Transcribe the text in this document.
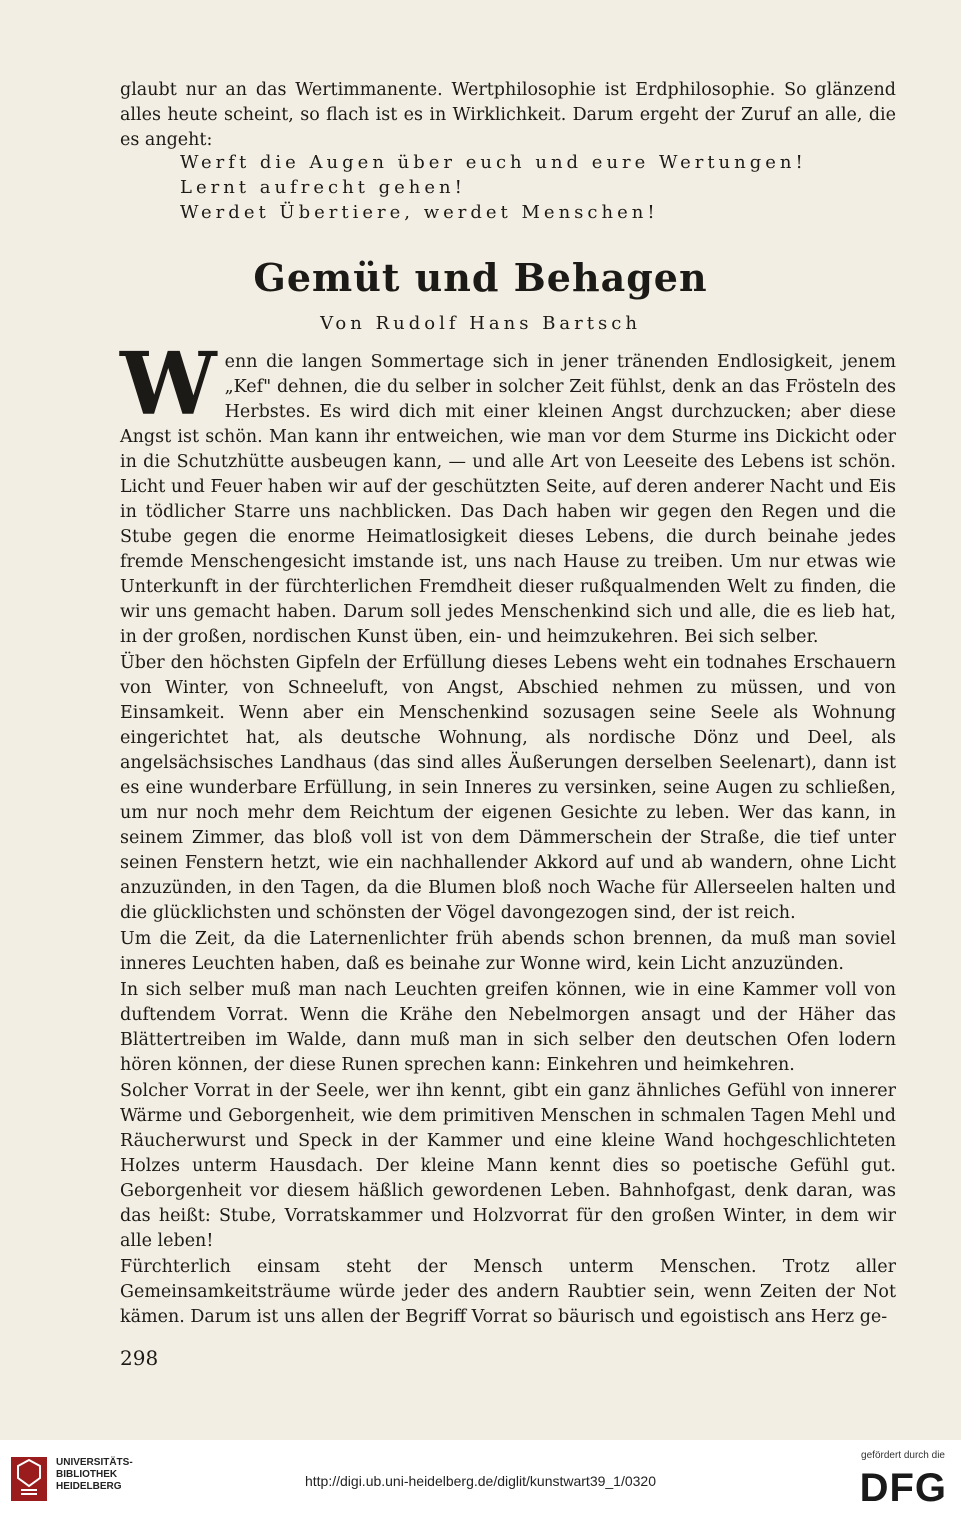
glaubt nur an das Wertimmanente. Wertphilosophie ist Erdphilosophie. So glänzend alles heute scheint, so flach ist es in Wirklichkeit. Darum ergeht der Zuruf an alle, die es angeht:

Werft die Augen über euch und eure Wertungen!
Lernt aufrecht gehen!
Werdet Übertiere, werdet Menschen!
Gemüt und Behagen
Von Rudolf Hans Bartsch

Wenn die langen Sommertage sich in jener tränenden Endlosigkeit, jenem „Kef" dehnen, die du selber in solcher Zeit fühlst, denk an das Frösteln des Herbstes. Es wird dich mit einer kleinen Angst durchzucken; aber diese Angst ist schön. Man kann ihr entweichen, wie man vor dem Sturme ins Dickicht oder in die Schutzhütte ausbeugen kann, — und alle Art von Leeseite des Lebens ist schön. Licht und Feuer haben wir auf der geschützten Seite, auf deren anderer Nacht und Eis in tödlicher Starre uns nachblicken. Das Dach haben wir gegen den Regen und die Stube gegen die enorme Heimatlosigkeit dieses Lebens, die durch beinahe jedes fremde Menschengesicht imstande ist, uns nach Hause zu treiben. Um nur etwas wie Unterkunft in der fürchterlichen Fremdheit dieser rußqualmenden Welt zu finden, die wir uns gemacht haben. Darum soll jedes Menschenkind sich und alle, die es lieb hat, in der großen, nordischen Kunst üben, ein- und heimzukehren. Bei sich selber.

Über den höchsten Gipfeln der Erfüllung dieses Lebens weht ein todnahes Erschauern von Winter, von Schneeluft, von Angst, Abschied nehmen zu müssen, und von Einsamkeit. Wenn aber ein Menschenkind sozusagen seine Seele als Wohnung eingerichtet hat, als deutsche Wohnung, als nordische Dönz und Deel, als angelsächsisches Landhaus (das sind alles Äußerungen derselben Seelenart), dann ist es eine wunderbare Erfüllung, in sein Inneres zu versinken, seine Augen zu schließen, um nur noch mehr dem Reichtum der eigenen Gesichte zu leben. Wer das kann, in seinem Zimmer, das bloß voll ist von dem Dämmerschein der Straße, die tief unter seinen Fenstern hetzt, wie ein nachhallender Akkord auf und ab wandern, ohne Licht anzuzünden, in den Tagen, da die Blumen bloß noch Wache für Allerseelen halten und die glücklichsten und schönsten der Vögel davongezogen sind, der ist reich.

Um die Zeit, da die Laternenlichter früh abends schon brennen, da muß man soviel inneres Leuchten haben, daß es beinahe zur Wonne wird, kein Licht anzuzünden.

In sich selber muß man nach Leuchten greifen können, wie in eine Kammer voll von duftendem Vorrat. Wenn die Krähe den Nebelmorgen ansagt und der Häher das Blättertreiben im Walde, dann muß man in sich selber den deutschen Ofen lodern hören können, der diese Runen sprechen kann: Einkehren und heimkehren.

Solcher Vorrat in der Seele, wer ihn kennt, gibt ein ganz ähnliches Gefühl von innerer Wärme und Geborgenheit, wie dem primitiven Menschen in schmalen Tagen Mehl und Räucherwurst und Speck in der Kammer und eine kleine Wand hochgeschlichteten Holzes unterm Hausdach. Der kleine Mann kennt dies so poetische Gefühl gut. Geborgenheit vor diesem häßlich gewordenen Leben. Bahnhofgast, denk daran, was das heißt: Stube, Vorratskammer und Holzvorrat für den großen Winter, in dem wir alle leben!

Fürchterlich einsam steht der Mensch unterm Menschen. Trotz aller Gemeinsamkeitsträume würde jeder des andern Raubtier sein, wenn Zeiten der Not kämen. Darum ist uns allen der Begriff Vorrat so bäurisch und egoistisch ans Herz ge-

298
UNIVERSITÄTS-
BIBLIOTHEK
HEIDELBERG	http://digi.ub.uni-heidelberg.de/diglit/kunstwart39_1/0320
gefördert durch die
DFG
